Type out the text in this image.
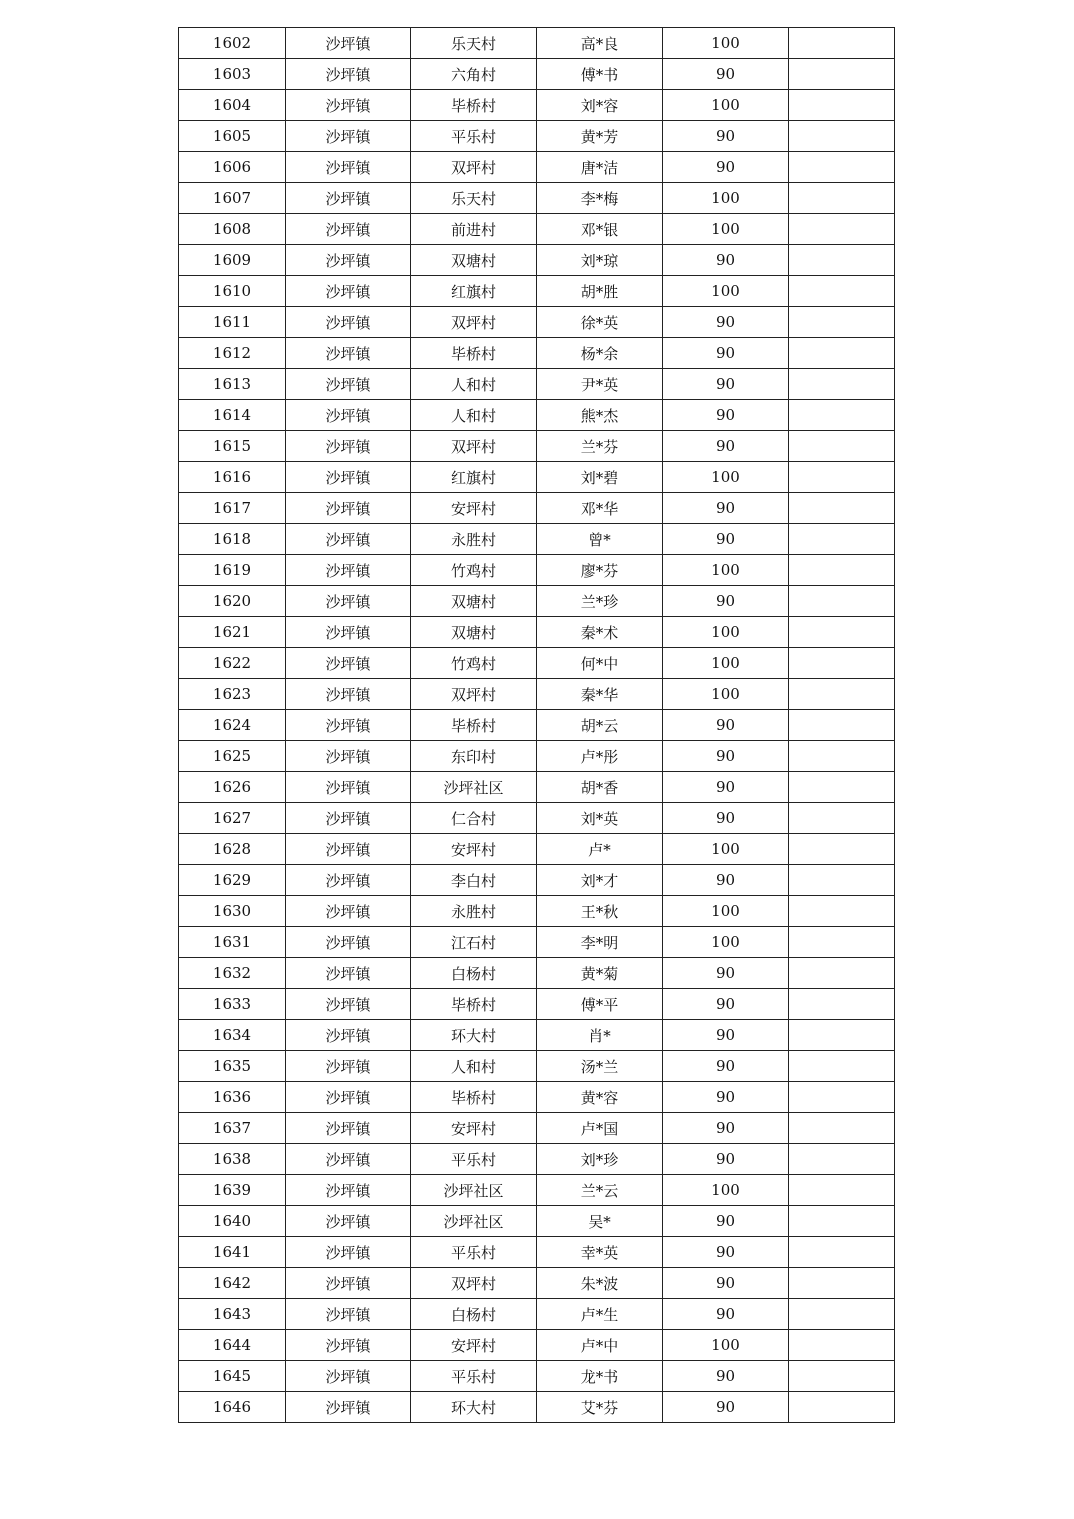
1602	沙坪镇	乐天村	高*良	100	
1603	沙坪镇	六角村	傅*书	90	
1604	沙坪镇	毕桥村	刘*容	100	
1605	沙坪镇	平乐村	黄*芳	90	
1606	沙坪镇	双坪村	唐*洁	90	
1607	沙坪镇	乐天村	李*梅	100	
1608	沙坪镇	前进村	邓*银	100	
1609	沙坪镇	双塘村	刘*琼	90	
1610	沙坪镇	红旗村	胡*胜	100	
1611	沙坪镇	双坪村	徐*英	90	
1612	沙坪镇	毕桥村	杨*余	90	
1613	沙坪镇	人和村	尹*英	90	
1614	沙坪镇	人和村	熊*杰	90	
1615	沙坪镇	双坪村	兰*芬	90	
1616	沙坪镇	红旗村	刘*碧	100	
1617	沙坪镇	安坪村	邓*华	90	
1618	沙坪镇	永胜村	曾*	90	
1619	沙坪镇	竹鸡村	廖*芬	100	
1620	沙坪镇	双塘村	兰*珍	90	
1621	沙坪镇	双塘村	秦*术	100	
1622	沙坪镇	竹鸡村	何*中	100	
1623	沙坪镇	双坪村	秦*华	100	
1624	沙坪镇	毕桥村	胡*云	90	
1625	沙坪镇	东印村	卢*彤	90	
1626	沙坪镇	沙坪社区	胡*香	90	
1627	沙坪镇	仁合村	刘*英	90	
1628	沙坪镇	安坪村	卢*	100	
1629	沙坪镇	李白村	刘*才	90	
1630	沙坪镇	永胜村	王*秋	100	
1631	沙坪镇	江石村	李*明	100	
1632	沙坪镇	白杨村	黄*菊	90	
1633	沙坪镇	毕桥村	傅*平	90	
1634	沙坪镇	环大村	肖*	90	
1635	沙坪镇	人和村	汤*兰	90	
1636	沙坪镇	毕桥村	黄*容	90	
1637	沙坪镇	安坪村	卢*国	90	
1638	沙坪镇	平乐村	刘*珍	90	
1639	沙坪镇	沙坪社区	兰*云	100	
1640	沙坪镇	沙坪社区	吴*	90	
1641	沙坪镇	平乐村	幸*英	90	
1642	沙坪镇	双坪村	朱*波	90	
1643	沙坪镇	白杨村	卢*生	90	
1644	沙坪镇	安坪村	卢*中	100	
1645	沙坪镇	平乐村	龙*书	90	
1646	沙坪镇	环大村	艾*芬	90	
